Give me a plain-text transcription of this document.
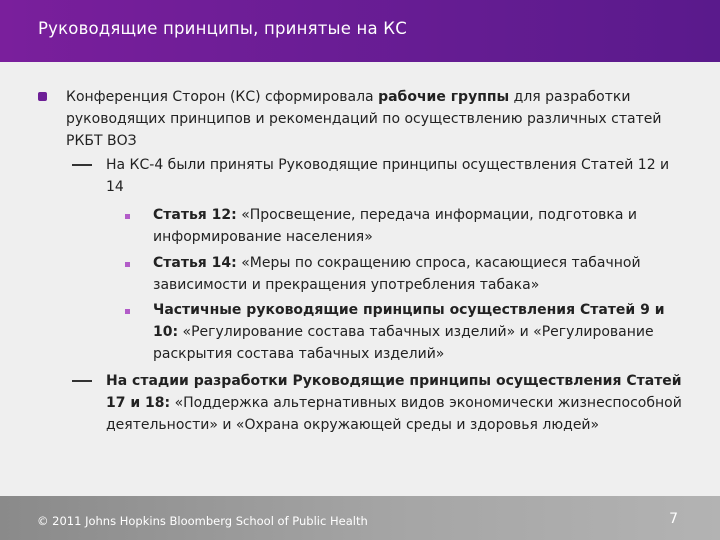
Руководящие принципы, принятые на КС
Конференция Сторон (КС) сформировала рабочие группы для разработки руководящих принципов и рекомендаций по осуществлению различных статей РКБТ ВОЗ
На КС-4 были приняты Руководящие принципы осуществления Статей 12 и 14
Статья 12: «Просвещение, передача информации, подготовка и информирование населения»
Статья 14: «Меры по сокращению спроса, касающиеся табачной зависимости и прекращения употребления табака»
Частичные руководящие принципы осуществления Статей 9 и 10: «Регулирование состава табачных изделий» и «Регулирование раскрытия состава табачных изделий»
На стадии разработки Руководящие принципы осуществления Статей 17 и 18: «Поддержка альтернативных видов экономически жизнеспособной деятельности» и «Охрана окружающей среды и здоровья людей»
© 2011 Johns Hopkins Bloomberg School of Public Health	7
